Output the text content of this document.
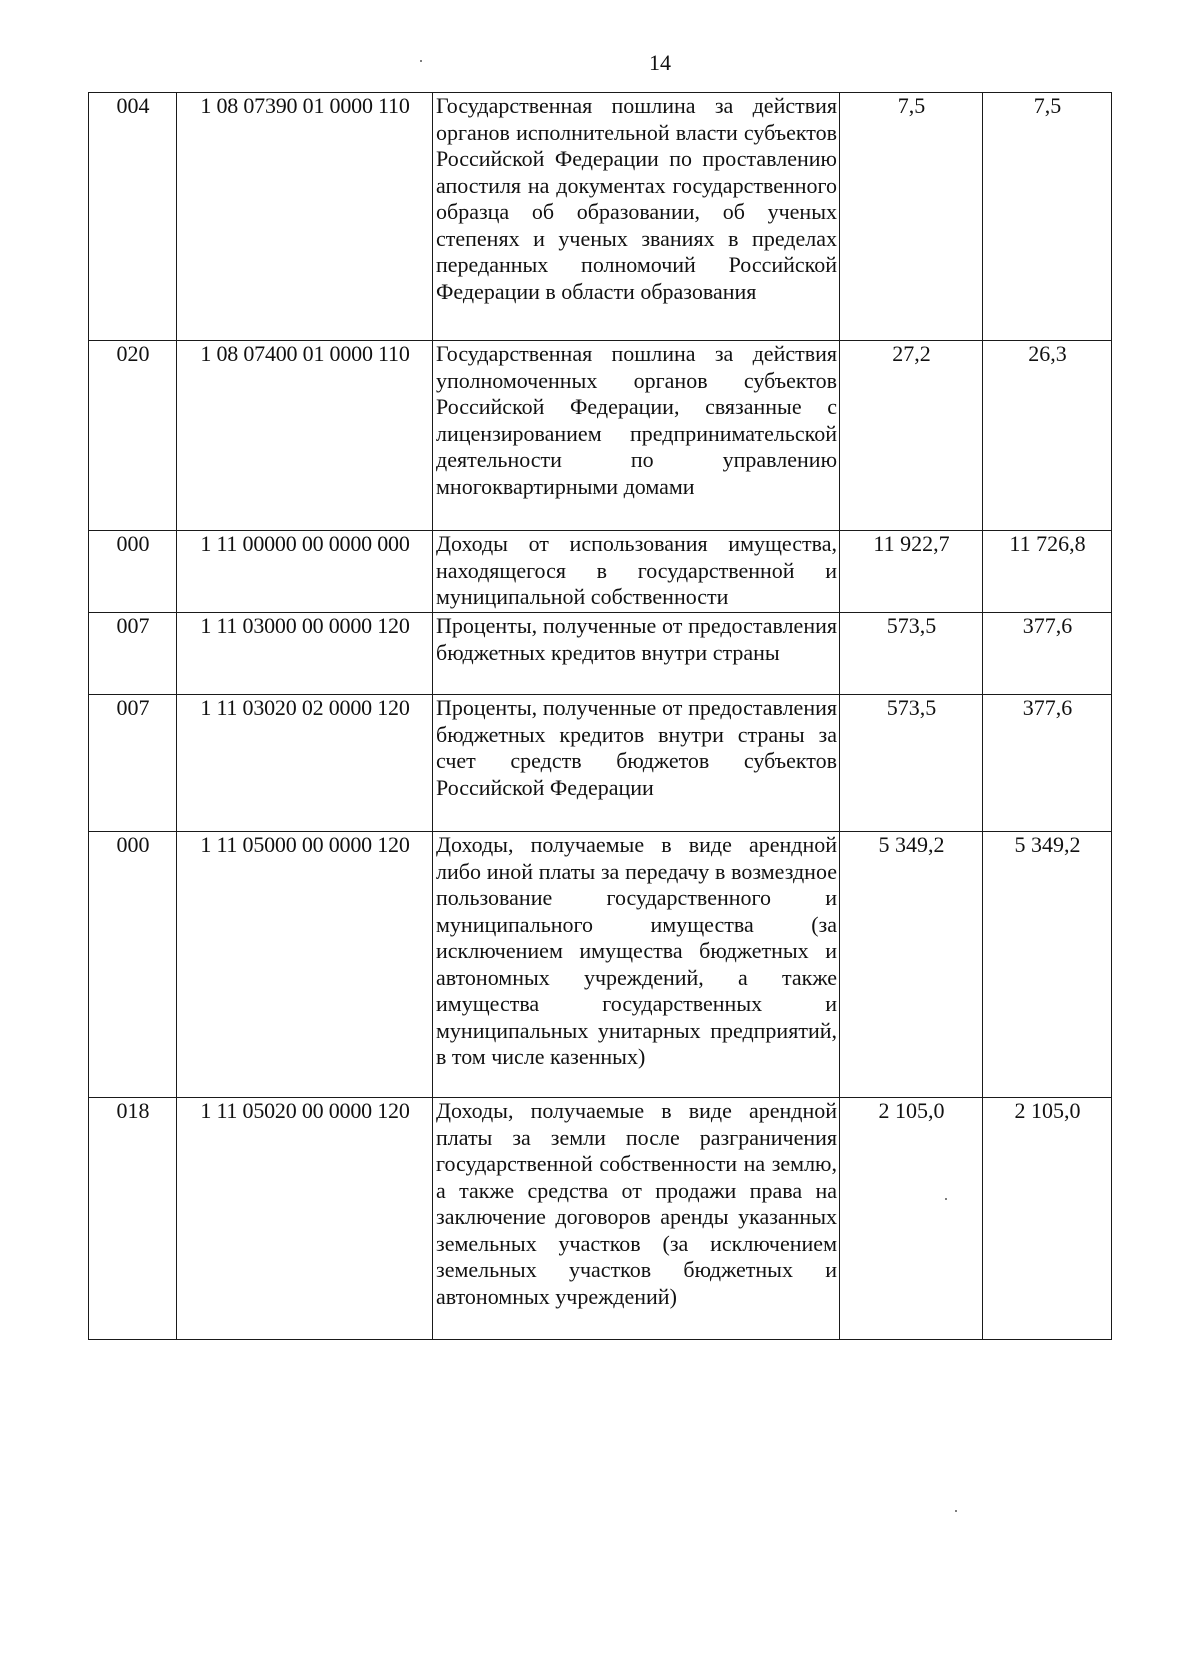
14
004	1 08 07390 01 0000 110	Государственная пошлина за действия органов исполнительной власти субъектов Российской Федерации по проставлению апостиля на документах государственного образца об образовании, об ученых степенях и ученых званиях в пределах переданных полномочий Российской Федерации в области образования	7,5	7,5
020	1 08 07400 01 0000 110	Государственная пошлина за действия уполномоченных органов субъектов Российской Федерации, связанные с лицензированием предпринимательской деятельности по управлению многоквартирными домами	27,2	26,3
000	1 11 00000 00 0000 000	Доходы от использования имущества, находящегося в государственной и муниципальной собственности	11 922,7	11 726,8
007	1 11 03000 00 0000 120	Проценты, полученные от предоставления бюджетных кредитов внутри страны	573,5	377,6
007	1 11 03020 02 0000 120	Проценты, полученные от предоставления бюджетных кредитов внутри страны за счет средств бюджетов субъектов Российской Федерации	573,5	377,6
000	1 11 05000 00 0000 120	Доходы, получаемые в виде арендной либо иной платы за передачу в возмездное пользование государственного и муниципального имущества (за исключением имущества бюджетных и автономных учреждений, а также имущества государственных и муниципальных унитарных предприятий, в том числе казенных)	5 349,2	5 349,2
018	1 11 05020 00 0000 120	Доходы, получаемые в виде арендной платы за земли после разграничения государственной собственности на землю, а также средства от продажи права на заключение договоров аренды указанных земельных участков (за исключением земельных участков бюджетных и автономных учреждений)	2 105,0	2 105,0
